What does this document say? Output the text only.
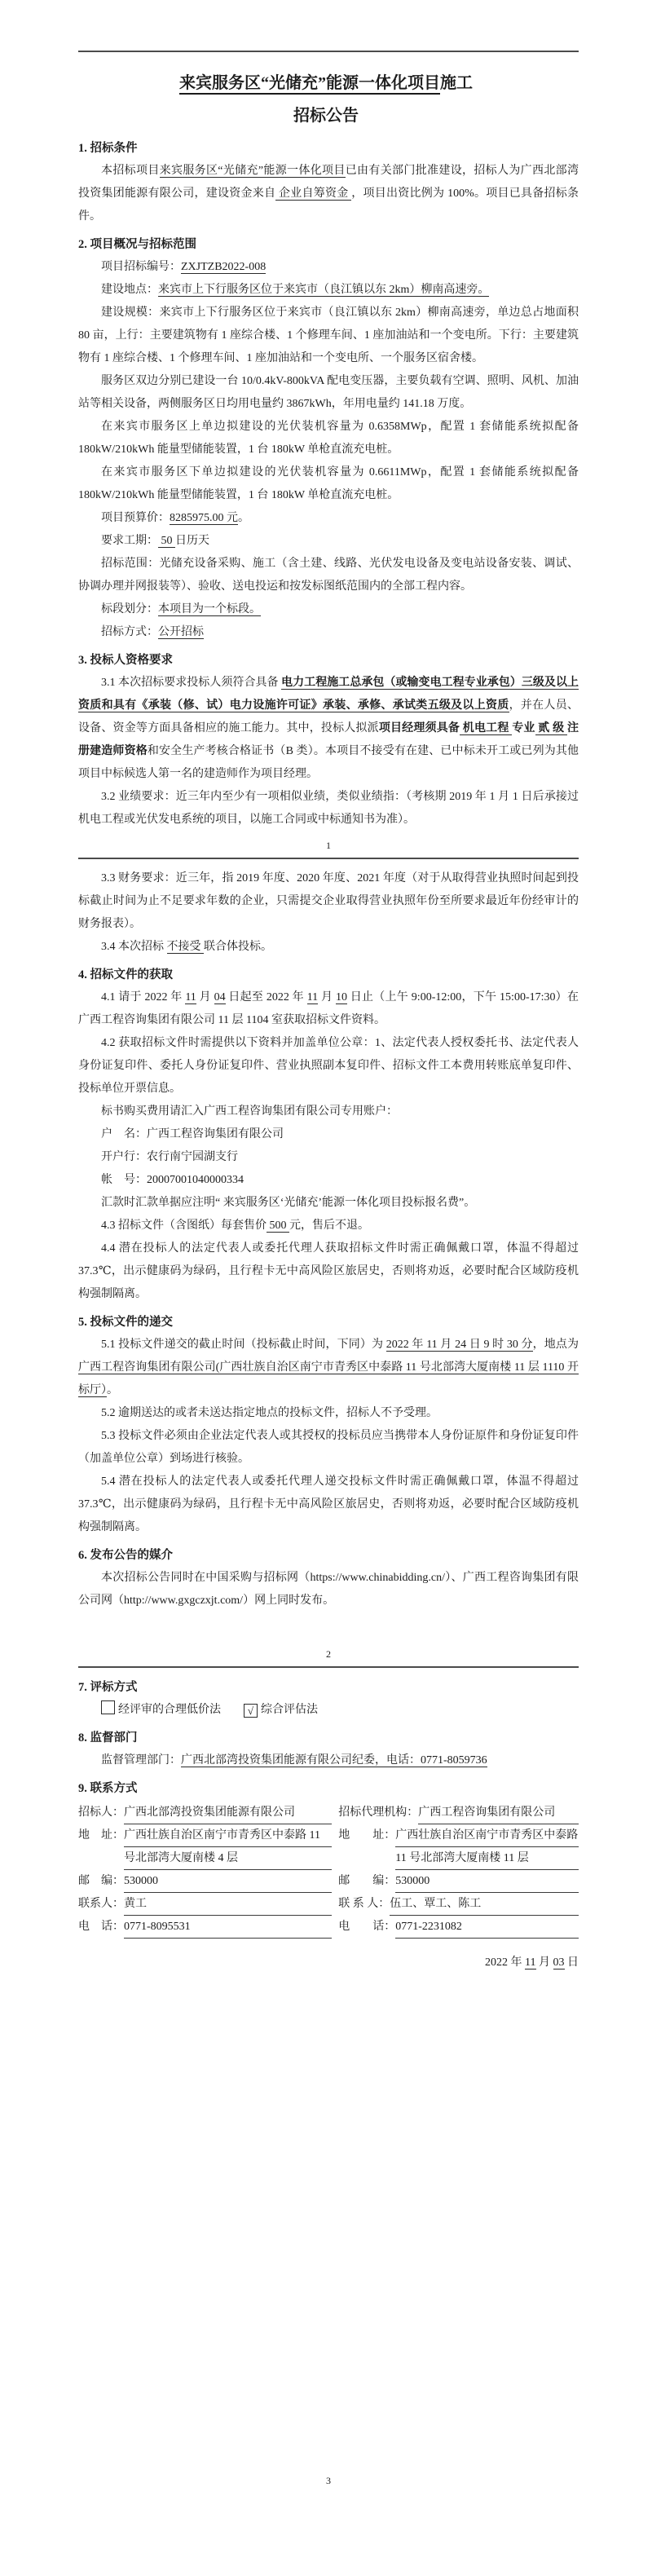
来宾服务区“光储充”能源一体化项目施工
招标公告
1. 招标条件
本招标项目来宾服务区“光储充”能源一体化项目已由有关部门批准建设，招标人为广西北部湾投资集团能源有限公司，建设资金来自 企业自筹资金 ，项目出资比例为 100%。项目已具备招标条件。
2. 项目概况与招标范围
项目招标编号：ZXJTZB2022-008
建设地点：来宾市上下行服务区位于来宾市（良江镇以东 2km）柳南高速旁。
建设规模：来宾市上下行服务区位于来宾市（良江镇以东 2km）柳南高速旁，单边总占地面积 80 亩，上行：主要建筑物有 1 座综合楼、1 个修理车间、1 座加油站和一个变电所。下行：主要建筑物有 1 座综合楼、1 个修理车间、1 座加油站和一个变电所、一个服务区宿舍楼。
服务区双边分别已建设一台 10/0.4kV-800kVA 配电变压器，主要负载有空调、照明、风机、加油站等相关设备，两侧服务区日均用电量约 3867kWh，年用电量约 141.18 万度。
在来宾市服务区上单边拟建设的光伏装机容量为 0.6358MWp，配置 1 套储能系统拟配备 180kW/210kWh 能量型储能装置，1 台 180kW 单枪直流充电桩。
在来宾市服务区下单边拟建设的光伏装机容量为 0.6611MWp，配置 1 套储能系统拟配备 180kW/210kWh 能量型储能装置，1 台 180kW 单枪直流充电桩。
项目预算价：8285975.00 元。
要求工期： 50 日历天
招标范围：光储充设备采购、施工（含土建、线路、光伏发电设备及变电站设备安装、调试、协调办理并网报装等）、验收、送电投运和按发标图纸范围内的全部工程内容。
标段划分：本项目为一个标段。
招标方式：公开招标
3. 投标人资格要求
3.1 本次招标要求投标人须符合具备 电力工程施工总承包（或输变电工程专业承包）三级及以上资质和具有《承装（修、试）电力设施许可证》承装、承修、承试类五级及以上资质，并在人员、设备、资金等方面具备相应的施工能力。其中，投标人拟派项目经理须具备 机电工程 专业 贰 级 注册建造师资格和安全生产考核合格证书（B 类）。本项目不接受有在建、已中标未开工或已列为其他项目中标候选人第一名的建造师作为项目经理。
3.2 业绩要求：近三年内至少有一项相似业绩，类似业绩指：（考核期 2019 年 1 月 1 日后承接过机电工程或光伏发电系统的项目，以施工合同或中标通知书为准）。
1
3.3 财务要求：近三年，指 2019 年度、2020 年度、2021 年度（对于从取得营业执照时间起到投标截止时间为止不足要求年数的企业，只需提交企业取得营业执照年份至所要求最近年份经审计的财务报表）。
3.4 本次招标 不接受 联合体投标。
4. 招标文件的获取
4.1 请于 2022 年 11 月 04 日起至 2022 年 11 月 10 日止（上午 9:00-12:00，下午 15:00-17:30）在广西工程咨询集团有限公司 11 层 1104 室获取招标文件资料。
4.2 获取招标文件时需提供以下资料并加盖单位公章：1、法定代表人授权委托书、法定代表人身份证复印件、委托人身份证复印件、营业执照副本复印件、招标文件工本费用转账底单复印件、投标单位开票信息。
标书购买费用请汇入广西工程咨询集团有限公司专用账户：
户　名：广西工程咨询集团有限公司
开户行：农行南宁园湖支行
帐　号：20007001040000334
汇款时汇款单据应注明“ 来宾服务区‘光储充’能源一体化项目投标报名费”。
4.3 招标文件（含图纸）每套售价 500 元，售后不退。
4.4 潜在投标人的法定代表人或委托代理人获取招标文件时需正确佩戴口罩，体温不得超过 37.3℃，出示健康码为绿码，且行程卡无中高风险区旅居史，否则将劝返，必要时配合区域防疫机构强制隔离。
5. 投标文件的递交
5.1 投标文件递交的截止时间（投标截止时间，下同）为 2022 年 11 月 24 日 9 时 30 分，地点为广西工程咨询集团有限公司(广西壮族自治区南宁市青秀区中泰路 11 号北部湾大厦南楼 11 层 1110 开标厅）。
5.2 逾期送达的或者未送达指定地点的投标文件，招标人不予受理。
5.3 投标文件必须由企业法定代表人或其授权的投标员应当携带本人身份证原件和身份证复印件（加盖单位公章）到场进行核验。
5.4 潜在投标人的法定代表人或委托代理人递交投标文件时需正确佩戴口罩，体温不得超过 37.3℃，出示健康码为绿码，且行程卡无中高风险区旅居史，否则将劝返，必要时配合区域防疫机构强制隔离。
6. 发布公告的媒介
本次招标公告同时在中国采购与招标网（https://www.chinabidding.cn/）、广西工程咨询集团有限公司网（http://www.gxgczxjt.com/）网上同时发布。
2
7. 评标方式
经评审的合理低价法	√ 综合评估法
8. 监督部门
监督管理部门：广西北部湾投资集团能源有限公司纪委，电话：0771-8059736
9. 联系方式
招标人： 广西北部湾投资集团能源有限公司
地　址： 广西壮族自治区南宁市青秀区中泰路 11 号北部湾大厦南楼 4 层
邮　编： 530000
联系人： 黄工
电　话： 0771-8095531
招标代理机构： 广西工程咨询集团有限公司
地　　址： 广西壮族自治区南宁市青秀区中泰路 11 号北部湾大厦南楼 11 层
邮　　编： 530000
联 系 人： 伍工、覃工、陈工
电　　话： 0771-2231082
2022 年 11 月 03 日
3
